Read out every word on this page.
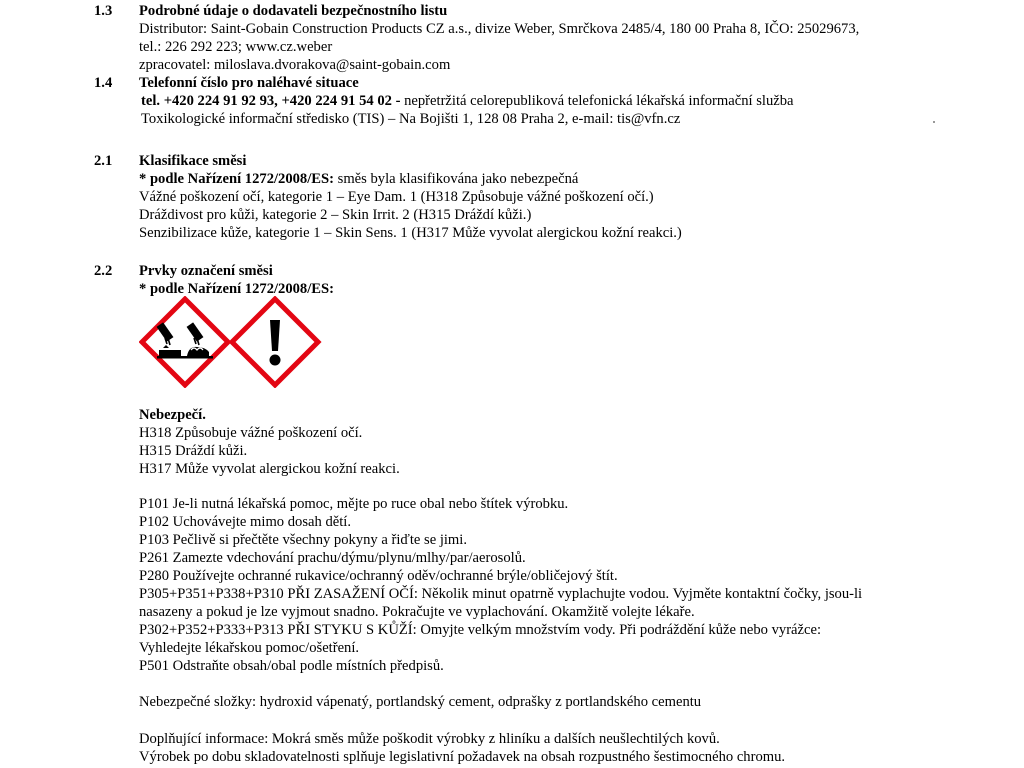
1.3 Podrobné údaje o dodavateli bezpečnostního listu
Distributor: Saint-Gobain Construction Products CZ a.s., divize Weber, Smrčkova 2485/4, 180 00 Praha 8, IČO: 25029673,
tel.: 226 292 223; www.cz.weber
zpracovatel: miloslava.dvorakova@saint-gobain.com
1.4 Telefonní číslo pro naléhavé situace
tel. +420 224 91 92 93, +420 224 91 54 02 - nepřetržitá celorepubliková telefonická lékařská informační služba
Toxikologické informační středisko (TIS) – Na Bojišti 1, 128 08 Praha 2, e-mail: tis@vfn.cz
2.1 Klasifikace směsi
* podle Nařízení 1272/2008/ES: směs byla klasifikována jako nebezpečná
Vážné poškození očí, kategorie 1 – Eye Dam. 1 (H318 Způsobuje vážné poškození očí.)
Dráždivost pro kůži, kategorie 2 – Skin Irrit. 2 (H315 Dráždí kůži.)
Senzibilizace kůže, kategorie 1 – Skin Sens. 1 (H317 Může vyvolat alergickou kožní reakci.)
2.2 Prvky označení směsi
* podle Nařízení 1272/2008/ES:
Nebezpečí.
H318 Způsobuje vážné poškození očí.
H315 Dráždí kůži.
H317 Může vyvolat alergickou kožní reakci.
P101 Je-li nutná lékařská pomoc, mějte po ruce obal nebo štítek výrobku.
P102 Uchovávejte mimo dosah dětí.
P103 Pečlivě si přečtěte všechny pokyny a řiďte se jimi.
P261 Zamezte vdechování prachu/dýmu/plynu/mlhy/par/aerosolů.
P280 Používejte ochranné rukavice/ochranný oděv/ochranné brýle/obličejový štít.
P305+P351+P338+P310 PŘI ZASAŽENÍ OČÍ: Několik minut opatrně vyplachujte vodou. Vyjměte kontaktní čočky, jsou-li
nasazeny a pokud je lze vyjmout snadno. Pokračujte ve vyplachování. Okamžitě volejte lékaře.
P302+P352+P333+P313 PŘI STYKU S KŮŽÍ: Omyjte velkým množstvím vody. Při podráždění kůže nebo vyrážce:
Vyhledejte lékařskou pomoc/ošetření.
P501 Odstraňte obsah/obal podle místních předpisů.
Nebezpečné složky: hydroxid vápenatý, portlandský cement, odprašky z portlandského cementu
Doplňující informace: Mokrá směs může poškodit výrobky z hliníku a dalších neušlechtilých kovů.
Výrobek po dobu skladovatelnosti splňuje legislativní požadavek na obsah rozpustného šestimocného chromu.
